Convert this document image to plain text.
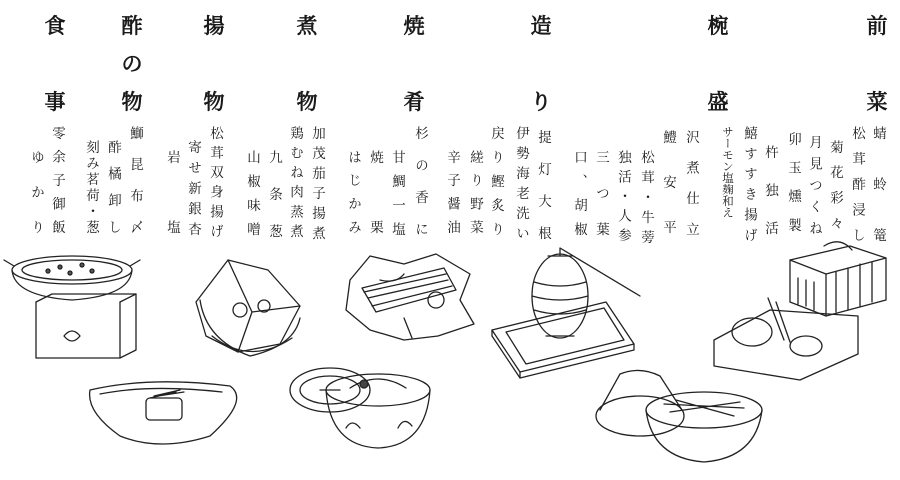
前
菜
椀
盛
造
り
焼
肴
煮
物
揚
物
酢
の
物
食
事
蜻 蛉 篭
松茸酢浸し
菊花彩々
月見つくね
卯玉燻製
杵 独 活
鱚すすき揚げ
サーモン塩麹和え
沢煮仕立
鱧 安 平
松茸・牛蒡
独活・人参
三 つ 葉
口、胡椒
提灯大根
伊勢海老洗い
戻り鰹炙り
縒り野菜
辛子醤油
杉の香に
甘鯛一塩
焼 栗
はじかみ
加茂茄子揚煮
鶏むね肉蒸煮
九 条 葱
山椒味噌
松茸双身揚げ
寄せ新銀杏
岩 塩
鰤昆布〆
酢橘卸し
刻み茗荷・葱
零余子御飯
ゆ か り
